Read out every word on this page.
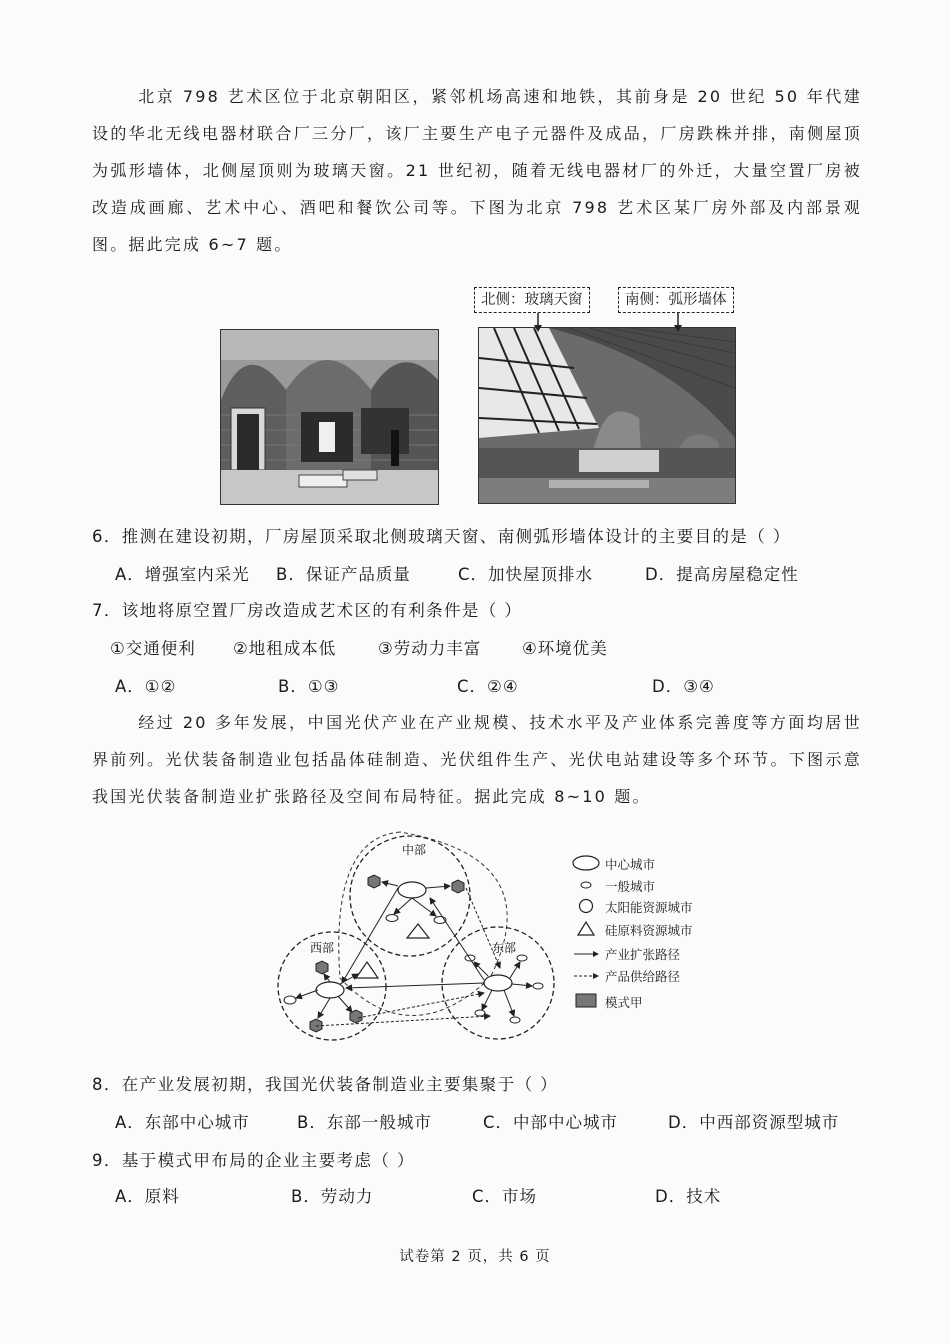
北京 798 艺术区位于北京朝阳区，紧邻机场高速和地铁，其前身是 20 世纪 50 年代建设的华北无线电器材联合厂三分厂，该厂主要生产电子元器件及成品，厂房跌株并排，南侧屋顶为弧形墙体，北侧屋顶则为玻璃天窗。21 世纪初，随着无线电器材厂的外迁，大量空置厂房被改造成画廊、艺术中心、酒吧和餐饮公司等。下图为北京 798 艺术区某厂房外部及内部景观图。据此完成 6~7 题。
北侧：玻璃天窗	南侧：弧形墙体
6．推测在建设初期，厂房屋顶采取北侧玻璃天窗、南侧弧形墙体设计的主要目的是（ ）
A．增强室内采光 B．保证产品质量	C．加快屋顶排水	D．提高房屋稳定性
7．该地将原空置厂房改造成艺术区的有利条件是（ ）
①交通便利 ②地租成本低	③劳动力丰富 ④环境优美
A．①②	B．①③	C．②④	D．③④
经过 20 多年发展，中国光伏产业在产业规模、技术水平及产业体系完善度等方面均居世界前列。光伏装备制造业包括晶体硅制造、光伏组件生产、光伏电站建设等多个环节。下图示意我国光伏装备制造业扩张路径及空间布局特征。据此完成 8~10 题。
中部
西部	东部
中心城市
一般城市
太阳能资源城市
硅原料资源城市
产业扩张路径
产品供给路径
模式甲
8．在产业发展初期，我国光伏装备制造业主要集聚于（ ）
A．东部中心城市	B．东部一般城市	C．中部中心城市	D．中西部资源型城市
9．基于模式甲布局的企业主要考虑（ ）
A．原料	B．劳动力	C．市场	D．技术
试卷第 2 页，共 6 页
